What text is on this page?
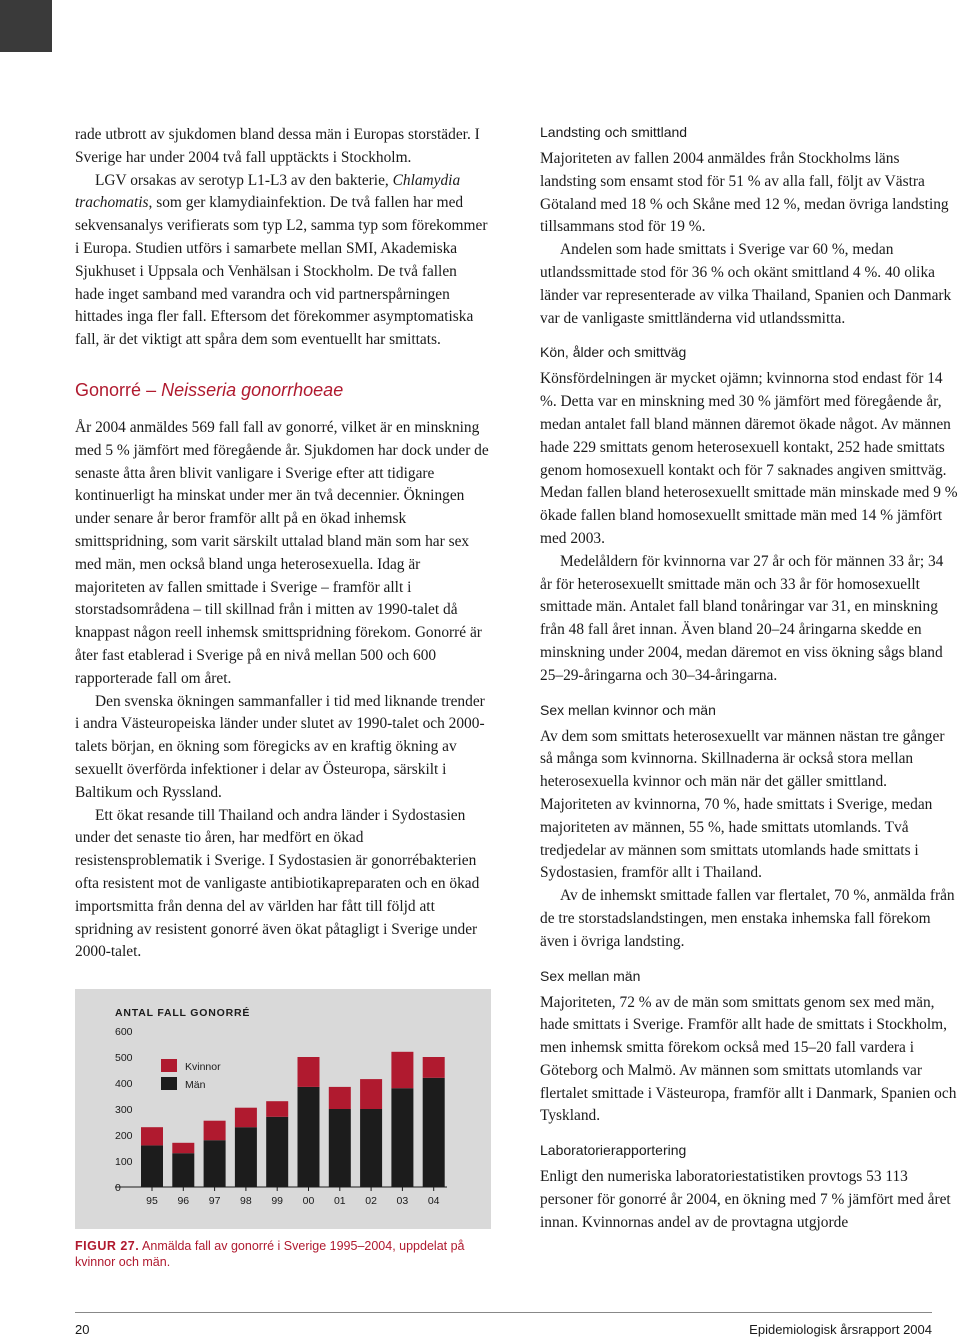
rade utbrott av sjukdomen bland dessa män i Europas storstäder. I Sverige har under 2004 två fall upptäckts i Stockholm.

LGV orsakas av serotyp L1-L3 av den bakterie, Chlamydia trachomatis, som ger klamydiainfektion. De två fallen har med sekvensanalys verifierats som typ L2, samma typ som förekommer i Europa. Studien utförs i samarbete mellan SMI, Akademiska Sjukhuset i Uppsala och Venhälsan i Stockholm. De två fallen hade inget samband med varandra och vid partnerspårningen hittades inga fler fall. Eftersom det förekommer asymptomatiska fall, är det viktigt att spåra dem som eventuellt har smittats.

Gonorré – Neisseria gonorrhoeae

År 2004 anmäldes 569 fall fall av gonorré, vilket är en minskning med 5 % jämfört med föregående år. Sjukdomen har dock under de senaste åtta åren blivit vanligare i Sverige efter att tidigare kontinuerligt ha minskat under mer än två decennier. Ökningen under senare år beror framför allt på en ökad inhemsk smittspridning, som varit särskilt uttalad bland män som har sex med män, men också bland unga heterosexuella. Idag är majoriteten av fallen smittade i Sverige – framför allt i storstadsområdena – till skillnad från i mitten av 1990-talet då knappast någon reell inhemsk smittspridning förekom. Gonorré är åter fast etablerad i Sverige på en nivå mellan 500 och 600 rapporterade fall om året.

Den svenska ökningen sammanfaller i tid med liknande trender i andra Västeuropeiska länder under slutet av 1990-talet och 2000-talets början, en ökning som föregicks av en kraftig ökning av sexuellt överförda infektioner i delar av Östeuropa, särskilt i Baltikum och Ryssland.

Ett ökat resande till Thailand och andra länder i Sydostasien under det senaste tio åren, har medfört en ökad resistensproblematik i Sverige. I Sydostasien är gonorrébakterien ofta resistent mot de vanligaste antibiotikapreparaten och en ökad importsmitta från denna del av världen har fått till följd att spridning av resistent gonorré även ökat påtagligt i Sverige under 2000-talet.

ANTAL FALL GONORRÉ
0
100
200
300
400
500
600
95 96 97 98 99 00 01 02 03 04
Kvinnor
Män
FIGUR 27. Anmälda fall av gonorré i Sverige 1995–2004, uppdelat på kvinnor och män.
Landsting och smittland

Majoriteten av fallen 2004 anmäldes från Stockholms läns landsting som ensamt stod för 51 % av alla fall, följt av Västra Götaland med 18 % och Skåne med 12 %, medan övriga landsting tillsammans stod för 19 %.

Andelen som hade smittats i Sverige var 60 %, medan utlandssmittade stod för 36 % och okänt smittland 4 %. 40 olika länder var representerade av vilka Thailand, Spanien och Danmark var de vanligaste smittländerna vid utlandssmitta.

Kön, ålder och smittväg

Könsfördelningen är mycket ojämn; kvinnorna stod endast för 14 %. Detta var en minskning med 30 % jämfört med föregående år, medan antalet fall bland männen däremot ökade något. Av männen hade 229 smittats genom heterosexuell kontakt, 252 hade smittats genom homosexuell kontakt och för 7 saknades angiven smittväg. Medan fallen bland heterosexuellt smittade män minskade med 9 % ökade fallen bland homosexuellt smittade män med 14 % jämfört med 2003.

Medelåldern för kvinnorna var 27 år och för männen 33 år; 34 år för heterosexuellt smittade män och 33 år för homosexuellt smittade män. Antalet fall bland tonåringar var 31, en minskning från 48 fall året innan. Även bland 20–24 åringarna skedde en minskning under 2004, medan däremot en viss ökning sågs bland 25–29-åringarna och 30–34-åringarna.

Sex mellan kvinnor och män

Av dem som smittats heterosexuellt var männen nästan tre gånger så många som kvinnorna. Skillnaderna är också stora mellan heterosexuella kvinnor och män när det gäller smittland. Majoriteten av kvinnorna, 70 %, hade smittats i Sverige, medan majoriteten av männen, 55 %, hade smittats utomlands. Två tredjedelar av männen som smittats utomlands hade smittats i Sydostasien, framför allt i Thailand.

Av de inhemskt smittade fallen var flertalet, 70 %, anmälda från de tre storstadslandstingen, men enstaka inhemska fall förekom även i övriga landsting.

Sex mellan män

Majoriteten, 72 % av de män som smittats genom sex med män, hade smittats i Sverige. Framför allt hade de smittats i Stockholm, men inhemsk smitta förekom också med 15–20 fall vardera i Göteborg och Malmö. Av männen som smittats utomlands var flertalet smittade i Västeuropa, framför allt i Danmark, Spanien och Tyskland.

Laboratorierapportering

Enligt den numeriska laboratoriestatistiken provtogs 53 113 personer för gonorré år 2004, en ökning med 7 % jämfört med året innan. Kvinnornas andel av de provtagna utgjorde

20	Epidemiologisk årsrapport 2004
